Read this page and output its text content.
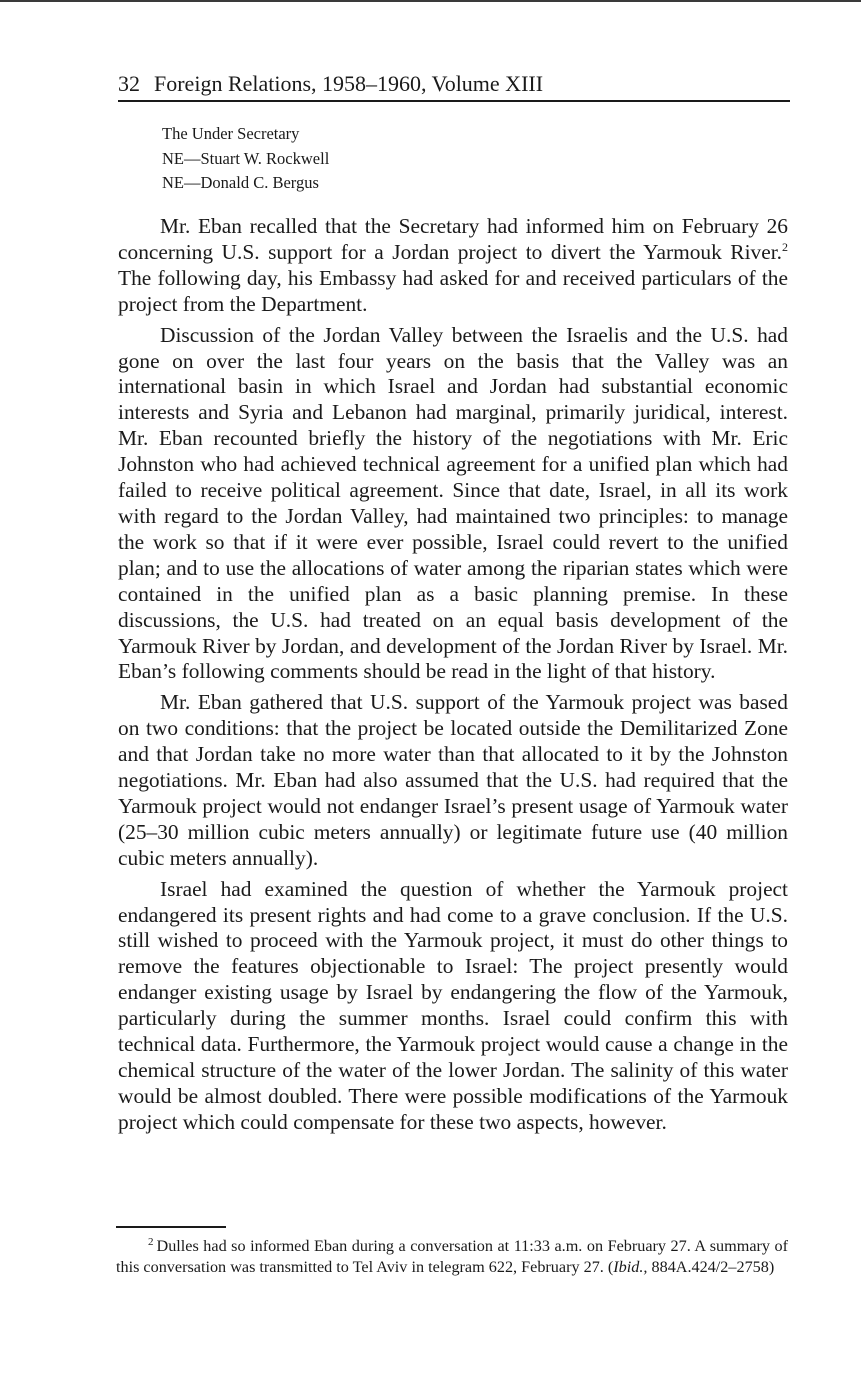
32 Foreign Relations, 1958–1960, Volume XIII
The Under Secretary
NE—Stuart W. Rockwell
NE—Donald C. Bergus

Mr. Eban recalled that the Secretary had informed him on February 26 concerning U.S. support for a Jordan project to divert the Yarmouk River.$^2$ The following day, his Embassy had asked for and received particulars of the project from the Department.

Discussion of the Jordan Valley between the Israelis and the U.S. had gone on over the last four years on the basis that the Valley was an international basin in which Israel and Jordan had substantial economic interests and Syria and Lebanon had marginal, primarily juridical, interest. Mr. Eban recounted briefly the history of the negotiations with Mr. Eric Johnston who had achieved technical agreement for a unified plan which had failed to receive political agreement. Since that date, Israel, in all its work with regard to the Jordan Valley, had maintained two principles: to manage the work so that if it were ever possible, Israel could revert to the unified plan; and to use the allocations of water among the riparian states which were contained in the unified plan as a basic planning premise. In these discussions, the U.S. had treated on an equal basis development of the Yarmouk River by Jordan, and development of the Jordan River by Israel. Mr. Eban’s following comments should be read in the light of that history.

Mr. Eban gathered that U.S. support of the Yarmouk project was based on two conditions: that the project be located outside the Demilitarized Zone and that Jordan take no more water than that allocated to it by the Johnston negotiations. Mr. Eban had also assumed that the U.S. had required that the Yarmouk project would not endanger Israel’s present usage of Yarmouk water (25–30 million cubic meters annually) or legitimate future use (40 million cubic meters annually).

Israel had examined the question of whether the Yarmouk project endangered its present rights and had come to a grave conclusion. If the U.S. still wished to proceed with the Yarmouk project, it must do other things to remove the features objectionable to Israel: The project presently would endanger existing usage by Israel by endangering the flow of the Yarmouk, particularly during the summer months. Israel could confirm this with technical data. Furthermore, the Yarmouk project would cause a change in the chemical structure of the water of the lower Jordan. The salinity of this water would be almost doubled. There were possible modifications of the Yarmouk project which could compensate for these two aspects, however.

$^2$ Dulles had so informed Eban during a conversation at 11:33 a.m. on February 27. A summary of this conversation was transmitted to Tel Aviv in telegram 622, February 27. (Ibid., 884A.424/2–2758)
